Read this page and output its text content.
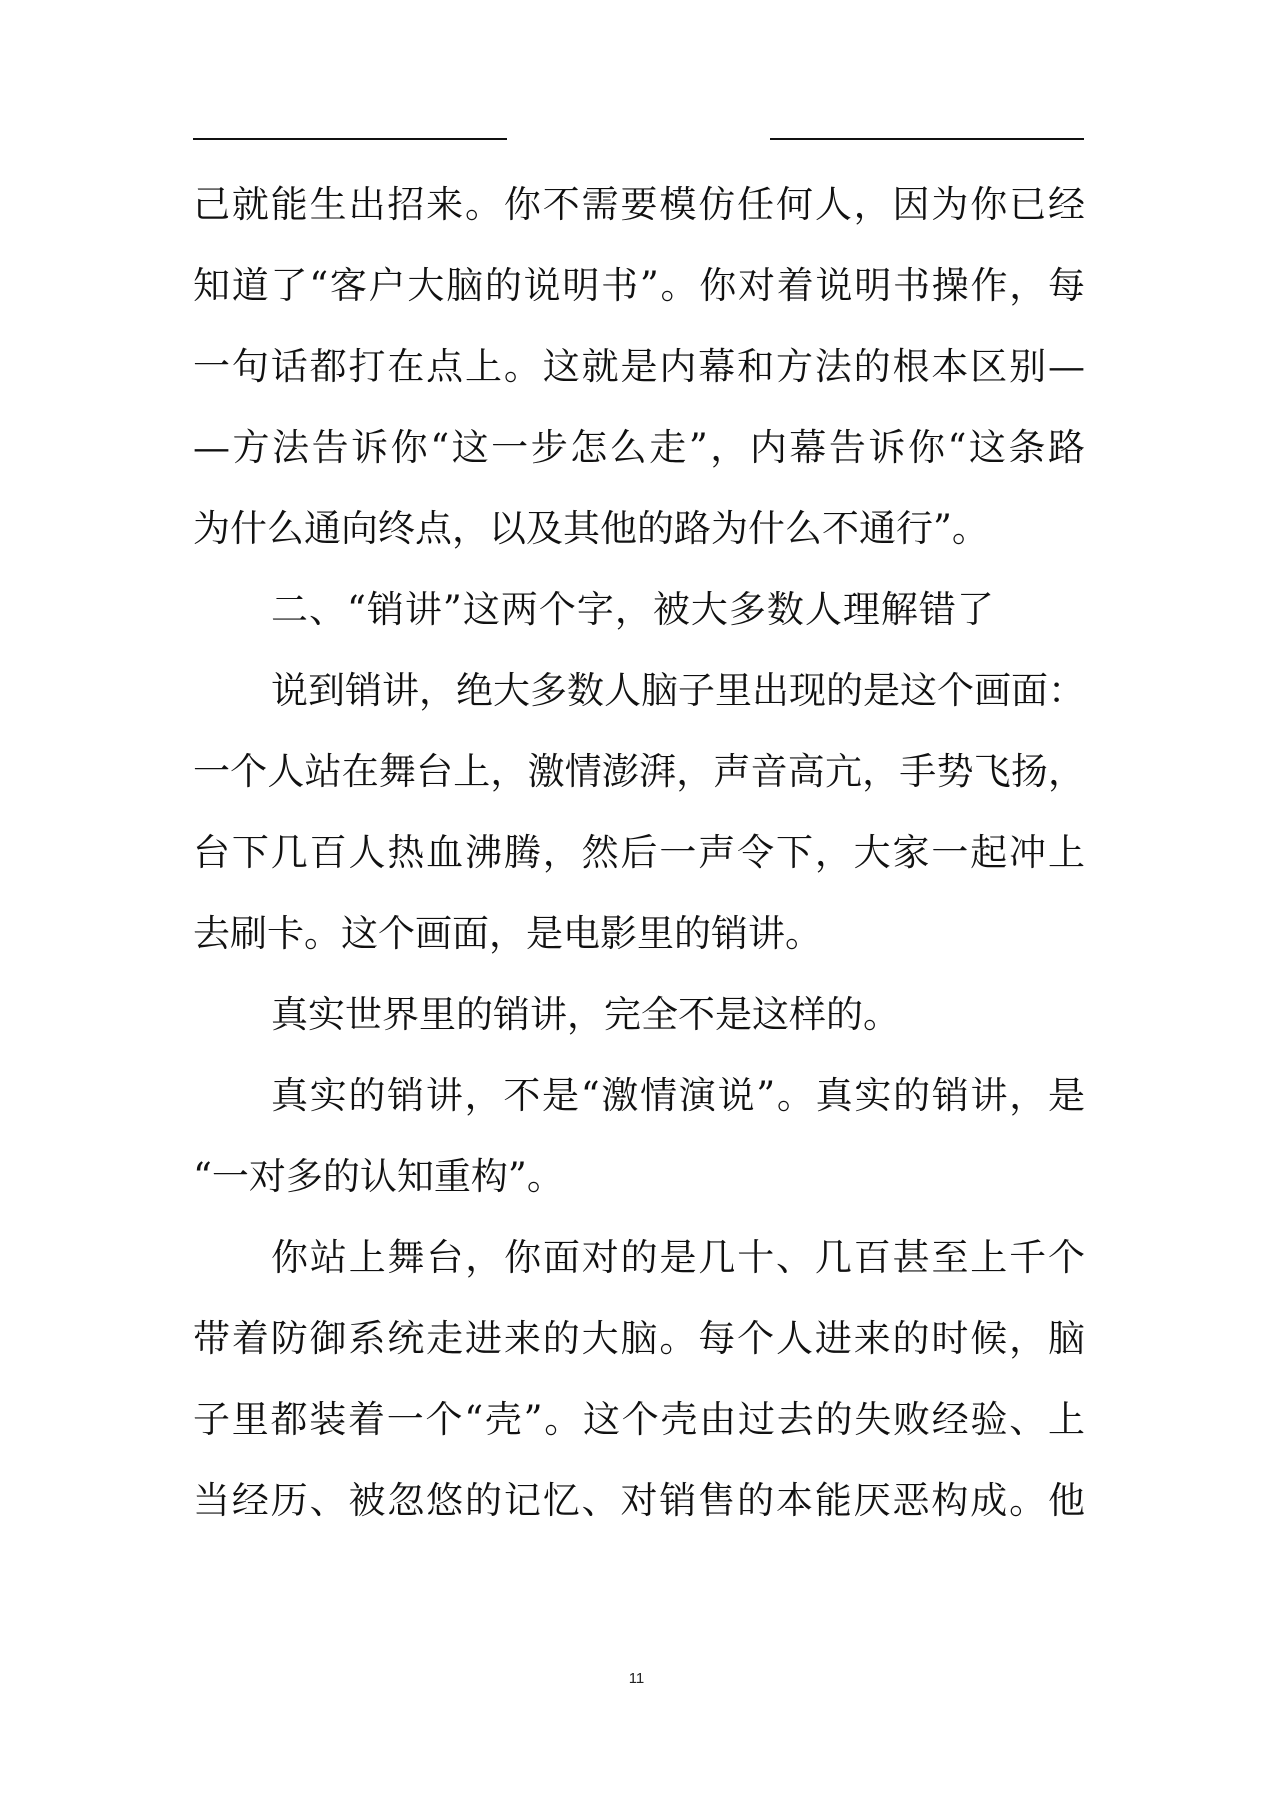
己就能生出招来。你不需要模仿任何人，因为你已经
知道了“客户大脑的说明书”。你对着说明书操作，每
一句话都打在点上。这就是内幕和方法的根本区别—
—方法告诉你“这一步怎么走”，内幕告诉你“这条路
为什么通向终点，以及其他的路为什么不通行”。
二、“销讲”这两个字，被大多数人理解错了
说到销讲，绝大多数人脑子里出现的是这个画面：
一个人站在舞台上，激情澎湃，声音高亢，手势飞扬，
台下几百人热血沸腾，然后一声令下，大家一起冲上
去刷卡。这个画面，是电影里的销讲。
真实世界里的销讲，完全不是这样的。
真实的销讲，不是“激情演说”。真实的销讲，是
“一对多的认知重构”。
你站上舞台，你面对的是几十、几百甚至上千个
带着防御系统走进来的大脑。每个人进来的时候，脑
子里都装着一个“壳”。这个壳由过去的失败经验、上
当经历、被忽悠的记忆、对销售的本能厌恶构成。他
11
